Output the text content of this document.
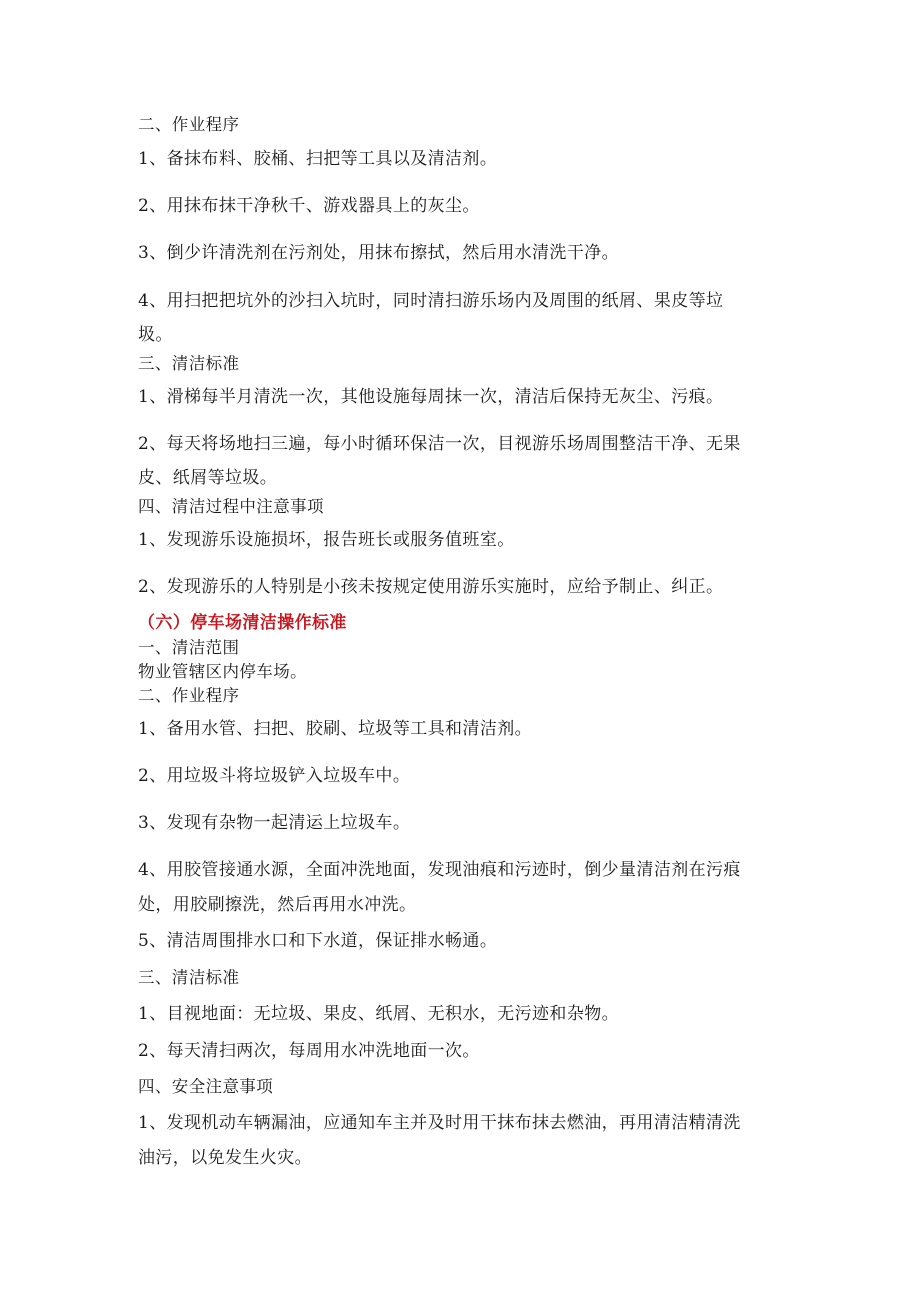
二、作业程序
1、备抹布料、胶桶、扫把等工具以及清洁剂。
2、用抹布抹干净秋千、游戏器具上的灰尘。
3、倒少许清洗剂在污剂处，用抹布擦拭，然后用水清洗干净。
4、用扫把把坑外的沙扫入坑时，同时清扫游乐场内及周围的纸屑、果皮等垃
圾。
三、清洁标准
1、滑梯每半月清洗一次，其他设施每周抹一次，清洁后保持无灰尘、污痕。
2、每天将场地扫三遍，每小时循环保洁一次，目视游乐场周围整洁干净、无果
皮、纸屑等垃圾。
四、清洁过程中注意事项
1、发现游乐设施损坏，报告班长或服务值班室。
2、发现游乐的人特别是小孩未按规定使用游乐实施时，应给予制止、纠正。
（六）停车场清洁操作标准
一、清洁范围
物业管辖区内停车场。
二、作业程序
1、备用水管、扫把、胶刷、垃圾等工具和清洁剂。
2、用垃圾斗将垃圾铲入垃圾车中。
3、发现有杂物一起清运上垃圾车。
4、用胶管接通水源，全面冲洗地面，发现油痕和污迹时，倒少量清洁剂在污痕
处，用胶刷擦洗，然后再用水冲洗。
5、清洁周围排水口和下水道，保证排水畅通。
三、清洁标准
1、目视地面：无垃圾、果皮、纸屑、无积水，无污迹和杂物。
2、每天清扫两次，每周用水冲洗地面一次。
四、安全注意事项
1、发现机动车辆漏油，应通知车主并及时用干抹布抹去燃油，再用清洁精清洗
油污，以免发生火灾。
